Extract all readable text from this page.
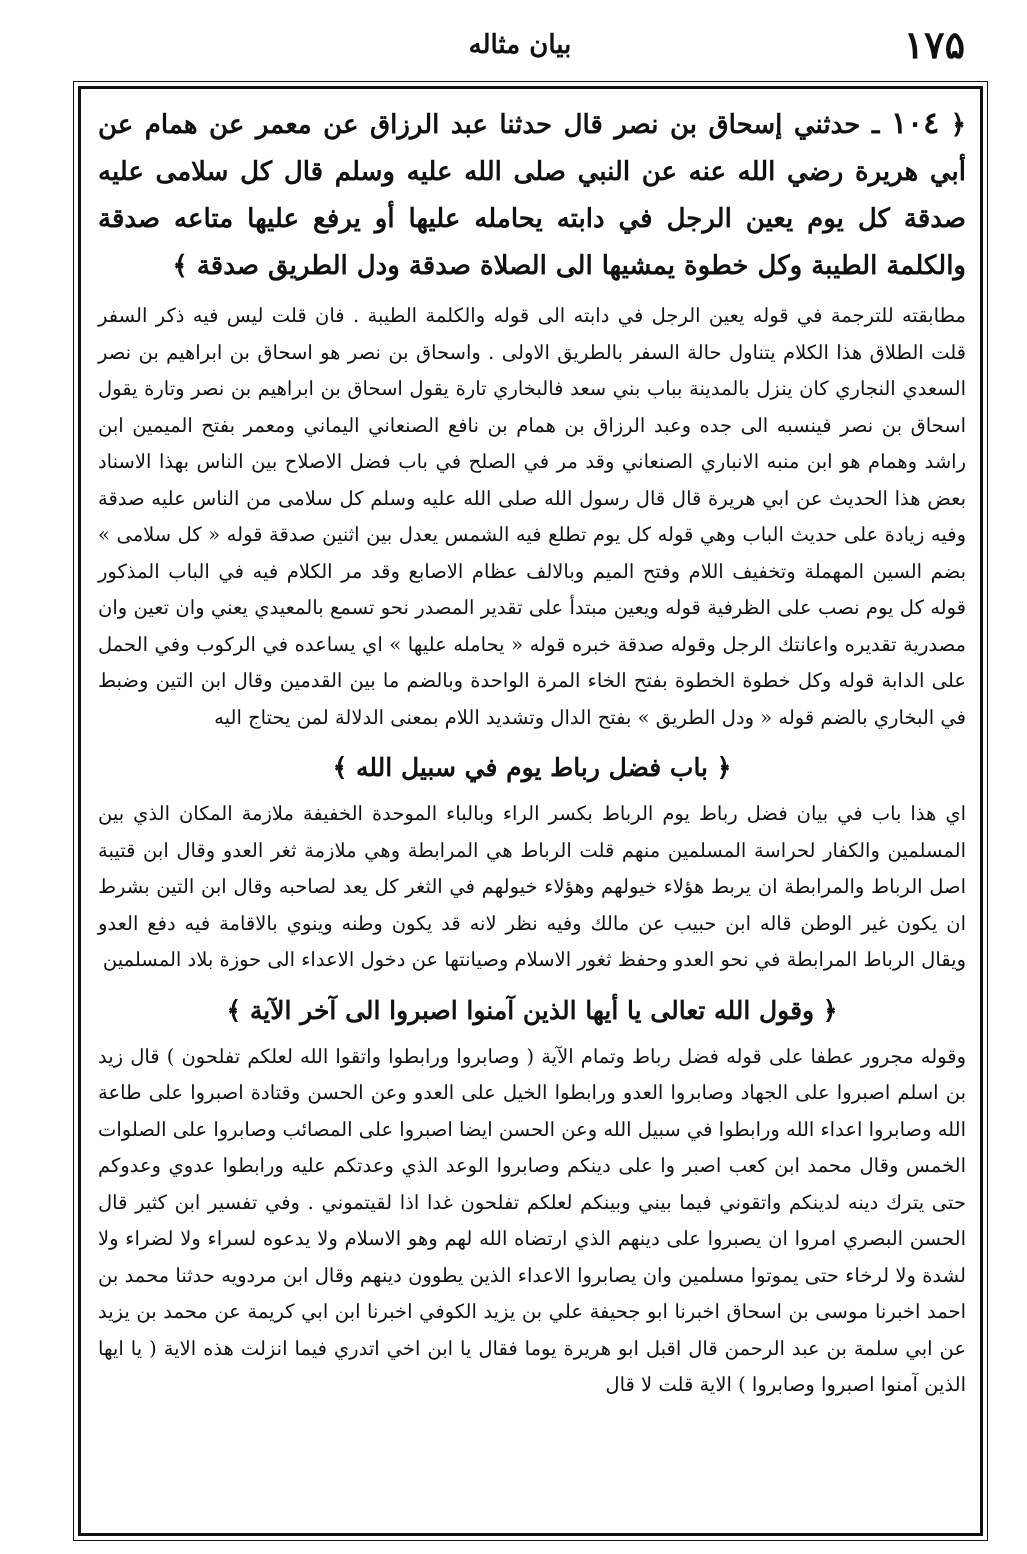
۱۷۵
بيان مثاله

﴿ ١٠٤ ـ حدثني إسحاق بن نصر قال حدثنا عبد الرزاق عن معمر عن همام عن أبي هريرة رضي الله عنه عن النبي صلى الله عليه وسلم قال كل سلامى عليه صدقة كل يوم يعين الرجل في دابته يحامله عليها أو يرفع عليها متاعه صدقة والكلمة الطيبة وكل خطوة يمشيها الى الصلاة صدقة ودل الطريق صدقة ﴾

مطابقته للترجمة في قوله يعين الرجل في دابته الى قوله والكلمة الطيبة . فان قلت ليس فيه ذكر السفر قلت الطلاق هذا الكلام يتناول حالة السفر بالطريق الاولى . واسحاق بن نصر هو اسحاق بن ابراهيم بن نصر السعدي النجاري كان ينزل بالمدينة بباب بني سعد فالبخاري تارة يقول اسحاق بن ابراهيم بن نصر وتارة يقول اسحاق بن نصر فينسبه الى جده وعبد الرزاق بن همام بن نافع الصنعاني اليماني ومعمر بفتح الميمين ابن راشد وهمام هو ابن منبه الانباري الصنعاني وقد مر في الصلح في باب فضل الاصلاح بين الناس بهذا الاسناد بعض هذا الحديث عن ابي هريرة قال قال رسول الله صلى الله عليه وسلم كل سلامى من الناس عليه صدقة وفيه زيادة على حديث الباب وهي قوله كل يوم تطلع فيه الشمس يعدل بين اثنين صدقة قوله « كل سلامى » بضم السين المهملة وتخفيف اللام وفتح الميم وبالالف عظام الاصابع وقد مر الكلام فيه في الباب المذكور قوله كل يوم نصب على الظرفية قوله ويعين مبتدأ على تقدير المصدر نحو تسمع بالمعيدي يعني وان تعين وان مصدرية تقديره واعانتك الرجل وقوله صدقة خبره قوله « يحامله عليها » اي يساعده في الركوب وفي الحمل على الدابة قوله وكل خطوة الخطوة بفتح الخاء المرة الواحدة وبالضم ما بين القدمين وقال ابن التين وضبط في البخاري بالضم قوله « ودل الطريق » بفتح الدال وتشديد اللام بمعنى الدلالة لمن يحتاج اليه

﴿ باب فضل رباط يوم في سبيل الله ﴾

اي هذا باب في بيان فضل رباط يوم الرباط بكسر الراء وبالباء الموحدة الخفيفة ملازمة المكان الذي بين المسلمين والكفار لحراسة المسلمين منهم قلت الرباط هي المرابطة وهي ملازمة ثغر العدو وقال ابن قتيبة اصل الرباط والمرابطة ان يربط هؤلاء خيولهم وهؤلاء خيولهم في الثغر كل يعد لصاحبه وقال ابن التين بشرط ان يكون غير الوطن قاله ابن حبيب عن مالك وفيه نظر لانه قد يكون وطنه وينوي بالاقامة فيه دفع العدو ويقال الرباط المرابطة في نحو العدو وحفظ ثغور الاسلام وصيانتها عن دخول الاعداء الى حوزة بلاد المسلمين

﴿ وقول الله تعالى يا أيها الذين آمنوا اصبروا الى آخر الآية ﴾

وقوله مجرور عطفا على قوله فضل رباط وتمام الآية ( وصابروا ورابطوا واتقوا الله لعلكم تفلحون ) قال زيد بن اسلم اصبروا على الجهاد وصابروا العدو ورابطوا الخيل على العدو وعن الحسن وقتادة اصبروا على طاعة الله وصابروا اعداء الله ورابطوا في سبيل الله وعن الحسن ايضا اصبروا على المصائب وصابروا على الصلوات الخمس وقال محمد ابن كعب اصبر وا على دينكم وصابروا الوعد الذي وعدتكم عليه ورابطوا عدوي وعدوكم حتى يترك دينه لدينكم واتقوني فيما بيني وبينكم لعلكم تفلحون غدا اذا لقيتموني . وفي تفسير ابن كثير قال الحسن البصري امروا ان يصبروا على دينهم الذي ارتضاه الله لهم وهو الاسلام ولا يدعوه لسراء ولا لضراء ولا لشدة ولا لرخاء حتى يموتوا مسلمين وان يصابروا الاعداء الذين يطوون دينهم وقال ابن مردويه حدثنا محمد بن احمد اخبرنا موسى بن اسحاق اخبرنا ابو جحيفة علي بن يزيد الكوفي اخبرنا ابن ابي كريمة عن محمد بن يزيد عن ابي سلمة بن عبد الرحمن قال اقبل ابو هريرة يوما فقال يا ابن اخي اتدري فيما انزلت هذه الاية ( يا ايها الذين آمنوا اصبروا وصابروا ) الاية قلت لا قال
